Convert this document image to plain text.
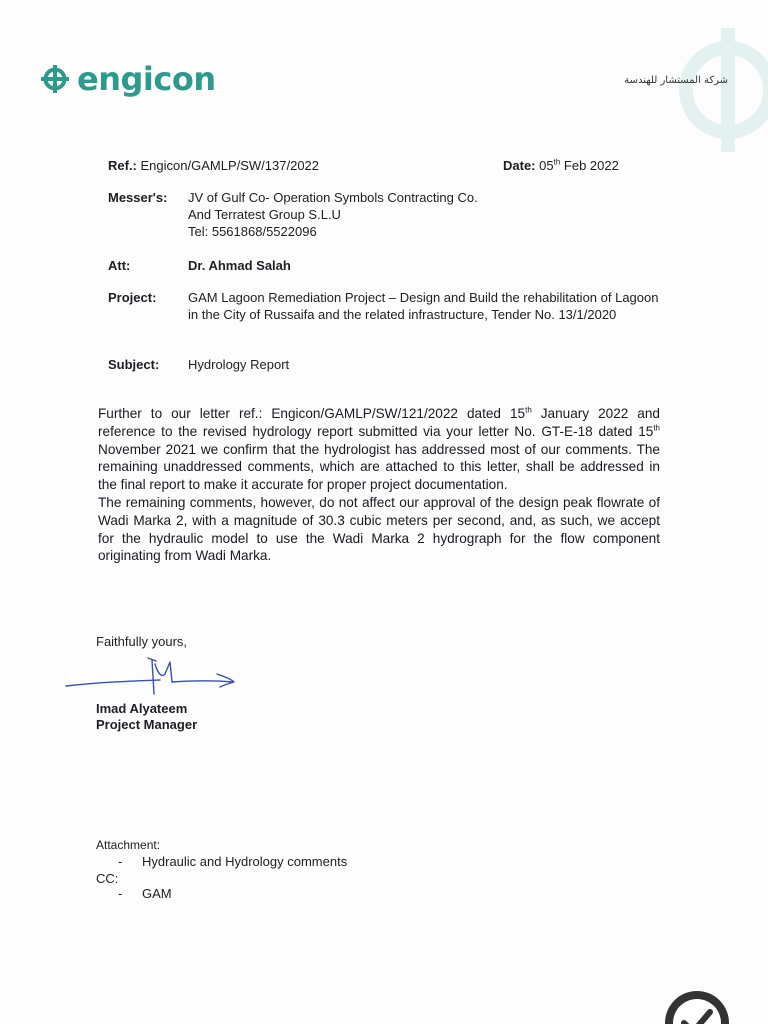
engicon	شركة المستشار للهندسة
Ref.: Engicon/GAMLP/SW/137/2022	Date: 05th Feb 2022
Messer's: JV of Gulf Co- Operation Symbols Contracting Co.
And Terratest Group S.L.U
Tel: 5561868/5522096
Att:	Dr. Ahmad Salah
Project: GAM Lagoon Remediation Project – Design and Build the rehabilitation of Lagoon in the City of Russaifa and the related infrastructure, Tender No. 13/1/2020
Subject: Hydrology Report

Further to our letter ref.: Engicon/GAMLP/SW/121/2022 dated 15th January 2022 and reference to the revised hydrology report submitted via your letter No. GT-E-18 dated 15th November 2021 we confirm that the hydrologist has addressed most of our comments. The remaining unaddressed comments, which are attached to this letter, shall be addressed in the final report to make it accurate for proper project documentation.

The remaining comments, however, do not affect our approval of the design peak flowrate of Wadi Marka 2, with a magnitude of 30.3 cubic meters per second, and, as such, we accept for the hydraulic model to use the Wadi Marka 2 hydrograph for the flow component originating from Wadi Marka.

Faithfully yours,
Imad Alyateem
Project Manager
Attachment:
- Hydraulic and Hydrology comments
CC:
- GAM
